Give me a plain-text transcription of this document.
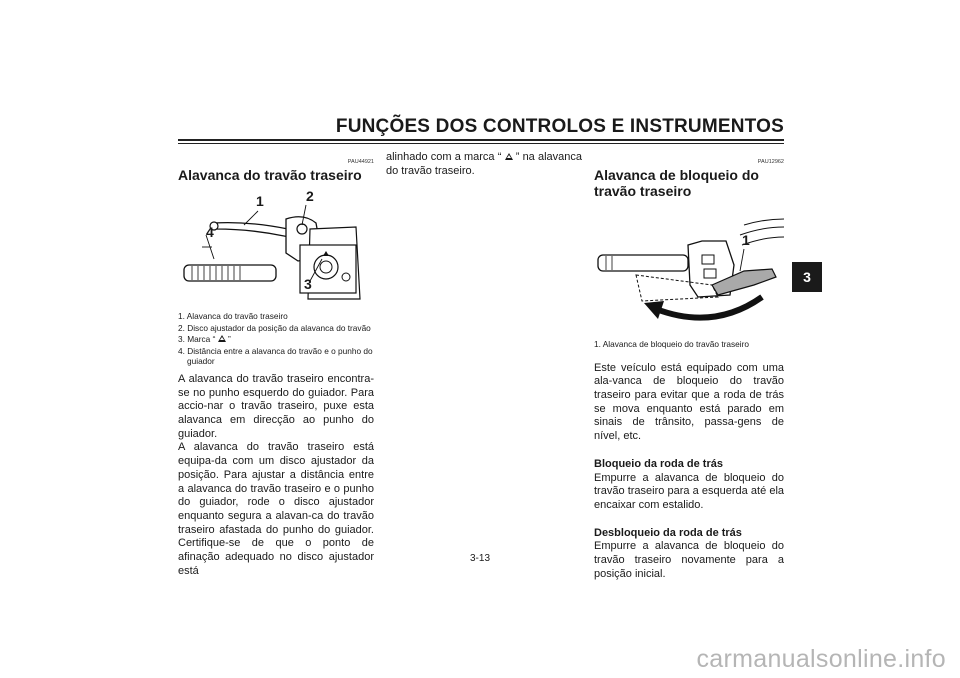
FUNÇÕES DOS CONTROLOS E INSTRUMENTOS
3
PAU44921
Alavanca do travão traseiro
1	2
3
4
1. Alavanca do travão traseiro
2. Disco ajustador da posição da alavanca do travão
3. Marca “ ”
4. Distância entre a alavanca do travão e o punho do guiador

A alavanca do travão traseiro encontra-se no punho esquerdo do guiador. Para accio-nar o travão traseiro, puxe esta alavanca em direcção ao punho do guiador.

A alavanca do travão traseiro está equipa-da com um disco ajustador da posição. Para ajustar a distância entre a alavanca do travão traseiro e o punho do guiador, rode o disco ajustador enquanto segura a alavan-ca do travão traseiro afastada do punho do guiador. Certifique-se de que o ponto de afinação adequado no disco ajustador está

alinhado com a marca “ ” na alavanca do travão traseiro.

PAU12962
Alavanca de bloqueio do travão traseiro
1
1. Alavanca de bloqueio do travão traseiro

Este veículo está equipado com uma ala-vanca de bloqueio do travão traseiro para evitar que a roda de trás se mova enquanto está parado em sinais de trânsito, passa-gens de nível, etc.

Bloqueio da roda de trás

Empurre a alavanca de bloqueio do travão traseiro para a esquerda até ela encaixar com estalido.

Desbloqueio da roda de trás

Empurre a alavanca de bloqueio do travão traseiro novamente para a posição inicial.

3-13
carmanualsonline.info
